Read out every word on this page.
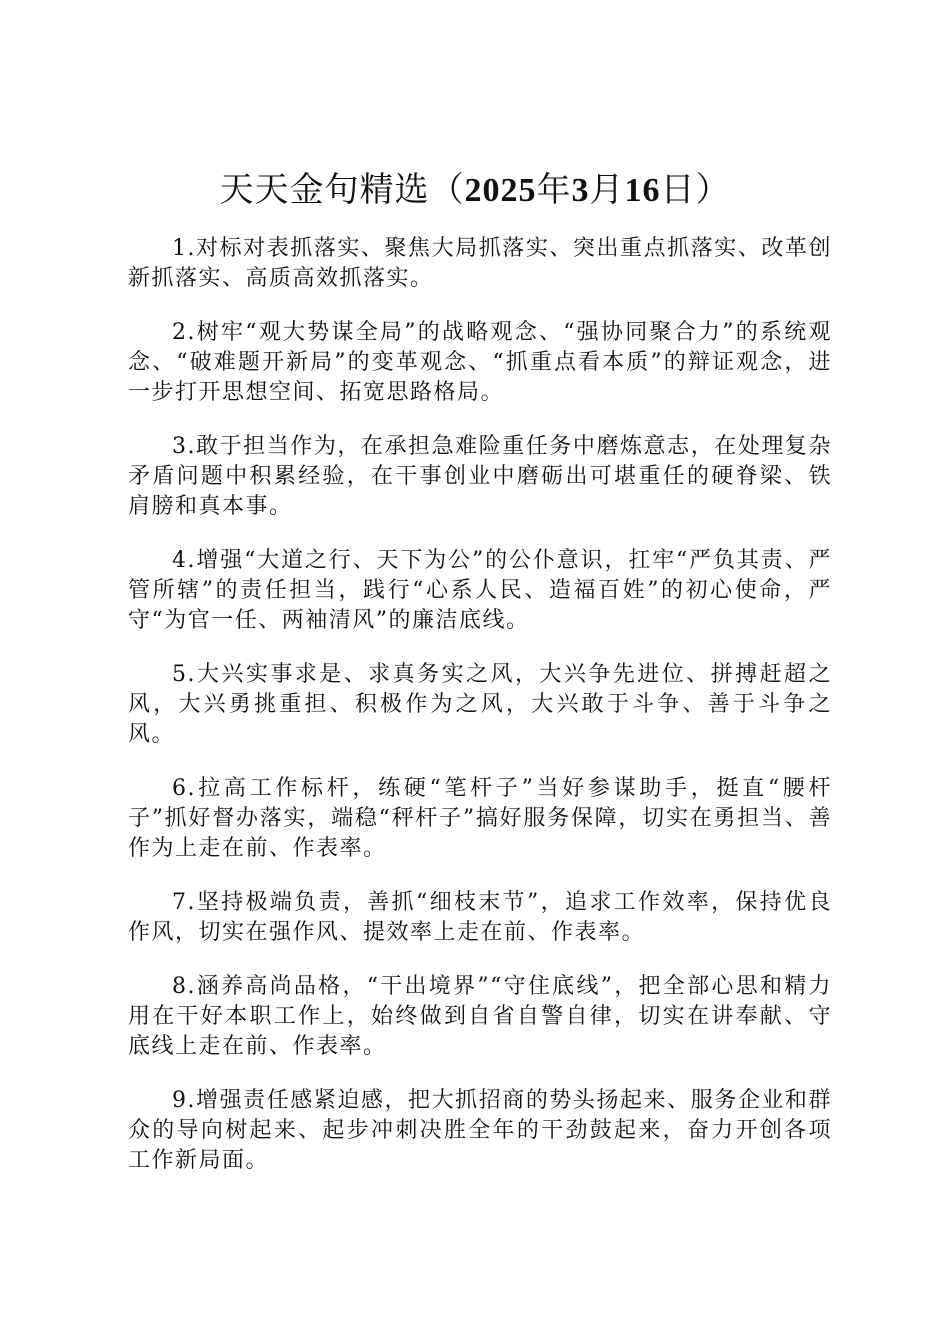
天天金句精选（2025年3月16日）

1.对标对表抓落实、聚焦大局抓落实、突出重点抓落实、改革创新抓落实、高质高效抓落实。

2.树牢“观大势谋全局”的战略观念、“强协同聚合力”的系统观念、“破难题开新局”的变革观念、“抓重点看本质”的辩证观念，进一步打开思想空间、拓宽思路格局。

3.敢于担当作为，在承担急难险重任务中磨炼意志，在处理复杂矛盾问题中积累经验，在干事创业中磨砺出可堪重任的硬脊梁、铁肩膀和真本事。

4.增强“大道之行、天下为公”的公仆意识，扛牢“严负其责、严管所辖”的责任担当，践行“心系人民、造福百姓”的初心使命，严守“为官一任、两袖清风”的廉洁底线。

5.大兴实事求是、求真务实之风，大兴争先进位、拼搏赶超之风，大兴勇挑重担、积极作为之风，大兴敢于斗争、善于斗争之风。

6.拉高工作标杆，练硬“笔杆子”当好参谋助手，挺直“腰杆子”抓好督办落实，端稳“秤杆子”搞好服务保障，切实在勇担当、善作为上走在前、作表率。

7.坚持极端负责，善抓“细枝末节”，追求工作效率，保持优良作风，切实在强作风、提效率上走在前、作表率。

8.涵养高尚品格，“干出境界”“守住底线”，把全部心思和精力用在干好本职工作上，始终做到自省自警自律，切实在讲奉献、守底线上走在前、作表率。

9.增强责任感紧迫感，把大抓招商的势头扬起来、服务企业和群众的导向树起来、起步冲刺决胜全年的干劲鼓起来，奋力开创各项工作新局面。
